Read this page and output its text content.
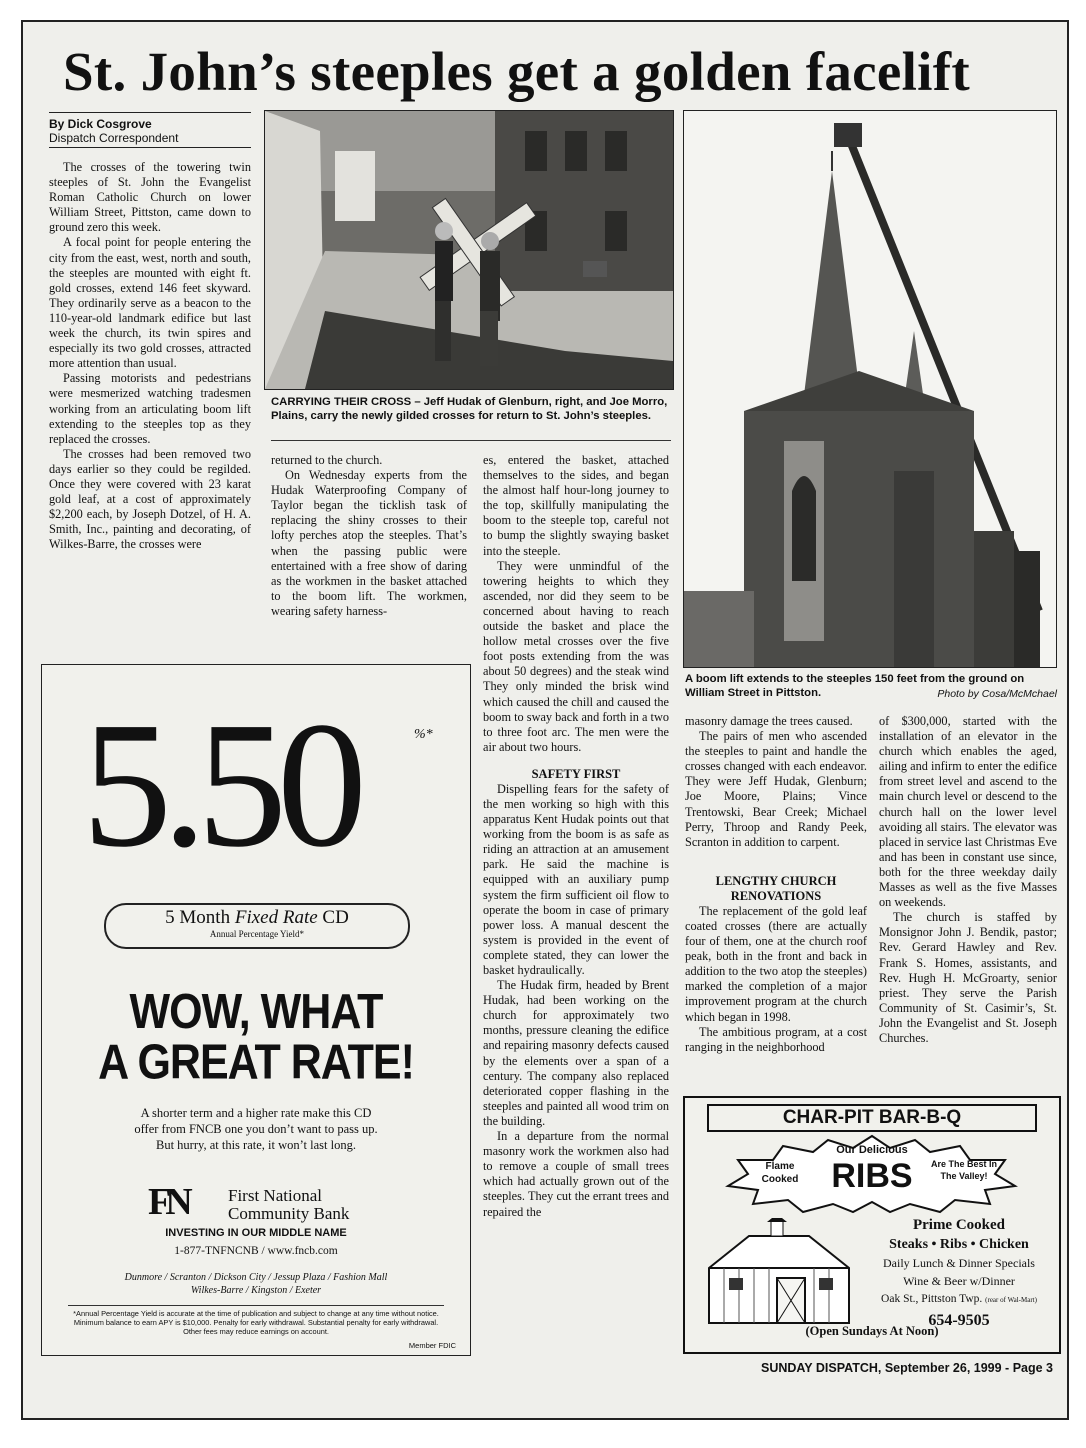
St. John’s steeples get a golden facelift
By Dick Cosgrove
Dispatch Correspondent

The crosses of the towering twin steeples of St. John the Evangelist Roman Catholic Church on lower William Street, Pittston, came down to ground zero this week.

A focal point for people entering the city from the east, west, north and south, the steeples are mounted with eight ft. gold crosses, extend 146 feet skyward. They ordinarily serve as a beacon to the 110-year-old landmark edifice but last week the church, its twin spires and especially its two gold crosses, attracted more attention than usual.

Passing motorists and pedestrians were mesmerized watching tradesmen working from an articulating boom lift extending to the steeples top as they replaced the crosses.

The crosses had been removed two days earlier so they could be regilded. Once they were covered with 23 karat gold leaf, at a cost of approximately $2,200 each, by Joseph Dotzel, of H. A. Smith, Inc., painting and decorating, of Wilkes-Barre, the crosses were

CARRYING THEIR CROSS – Jeff Hudak of Glenburn, right, and Joe Morro, Plains, carry the newly gilded crosses for return to St. John’s steeples.

returned to the church.

On Wednesday experts from the Hudak Waterproofing Company of Taylor began the ticklish task of replacing the shiny crosses to their lofty perches atop the steeples. That’s when the passing public were entertained with a free show of daring as the workmen in the basket attached to the boom lift. The workmen, wearing safety harness-

es, entered the basket, attached themselves to the sides, and began the almost half hour-long journey to the top, skillfully manipulating the boom to the steeple top, careful not to bump the slightly swaying basket into the steeple.

They were unmindful of the towering heights to which they ascended, nor did they seem to be concerned about having to reach outside the basket and place the hollow metal crosses over the five foot posts extending from the was about 50 degrees) and the steak wind They only minded the brisk wind which caused the chill and caused the boom to sway back and forth in a two to three foot arc. The men were the air about two hours.

SAFETY FIRST

Dispelling fears for the safety of the men working so high with this apparatus Kent Hudak points out that working from the boom is as safe as riding an attraction at an amusement park. He said the machine is equipped with an auxiliary pump system the firm sufficient oil flow to operate the boom in case of primary power loss. A manual descent the system is provided in the event of complete stated, they can lower the basket hydraulically.

The Hudak firm, headed by Brent Hudak, had been working on the church for approximately two months, pressure cleaning the edifice and repairing masonry defects caused by the elements over a span of a century. The company also replaced deteriorated copper flashing in the steeples and painted all wood trim on the building.

In a departure from the normal masonry work the workmen also had to remove a couple of small trees which had actually grown out of the steeples. They cut the errant trees and repaired the

A boom lift extends to the steeples 150 feet from the ground on William Street in Pittston.	Photo by Cosa/McMchael

masonry damage the trees caused.

The pairs of men who ascended the steeples to paint and handle the crosses changed with each endeavor. They were Jeff Hudak, Glenburn; Joe Moore, Plains; Vince Trentowski, Bear Creek; Michael Perry, Throop and Randy Peek, Scranton in addition to carpent.

LENGTHY CHURCH RENOVATIONS

The replacement of the gold leaf coated crosses (there are actually four of them, one at the church roof peak, both in the front and back in addition to the two atop the steeples) marked the completion of a major improvement program at the church which began in 1998.

The ambitious program, at a cost ranging in the neighborhood

of $300,000, started with the installation of an elevator in the church which enables the aged, ailing and infirm to enter the edifice from street level and ascend to the main church level or descend to the church hall on the lower level avoiding all stairs. The elevator was placed in service last Christmas Eve and has been in constant use since, both for the three weekday daily Masses as well as the five Masses on weekends.

The church is staffed by Monsignor John J. Bendik, pastor; Rev. Gerard Hawley and Rev. Frank S. Homes, assistants, and Rev. Hugh H. McGroarty, senior priest. They serve the Parish Community of St. Casimir’s, St. John the Evangelist and St. Joseph Churches.

5.50	%*
5 Month Fixed Rate CD
Annual Percentage Yield*
WOW, WHAT
A GREAT RATE!
A shorter term and a higher rate make this CD offer from FNCB one you don’t want to pass up. But hurry, at this rate, it won’t last long.
FN First National
Community Bank
INVESTING IN OUR MIDDLE NAME
1-877-TNFNCNB / www.fncb.com
Dunmore / Scranton / Dickson City / Jessup Plaza / Fashion Mall
Wilkes-Barre / Kingston / Exeter
*Annual Percentage Yield is accurate at the time of publication and subject to change at any time without notice. Minimum balance to earn APY is $10,000. Penalty for early withdrawal. Substantial penalty for early withdrawal. Other fees may reduce earnings on account.
Member FDIC
CHAR-PIT BAR-B-Q
Our Delicious
RIBS
Flame Cooked
Are The Best In The Valley!
Prime Cooked
Steaks • Ribs • Chicken
Daily Lunch & Dinner Specials
Wine & Beer w/Dinner
Oak St., Pittston Twp. (rear of Wal-Mart)
654-9505
(Open Sundays At Noon)
SUNDAY DISPATCH, September 26, 1999 - Page 3
